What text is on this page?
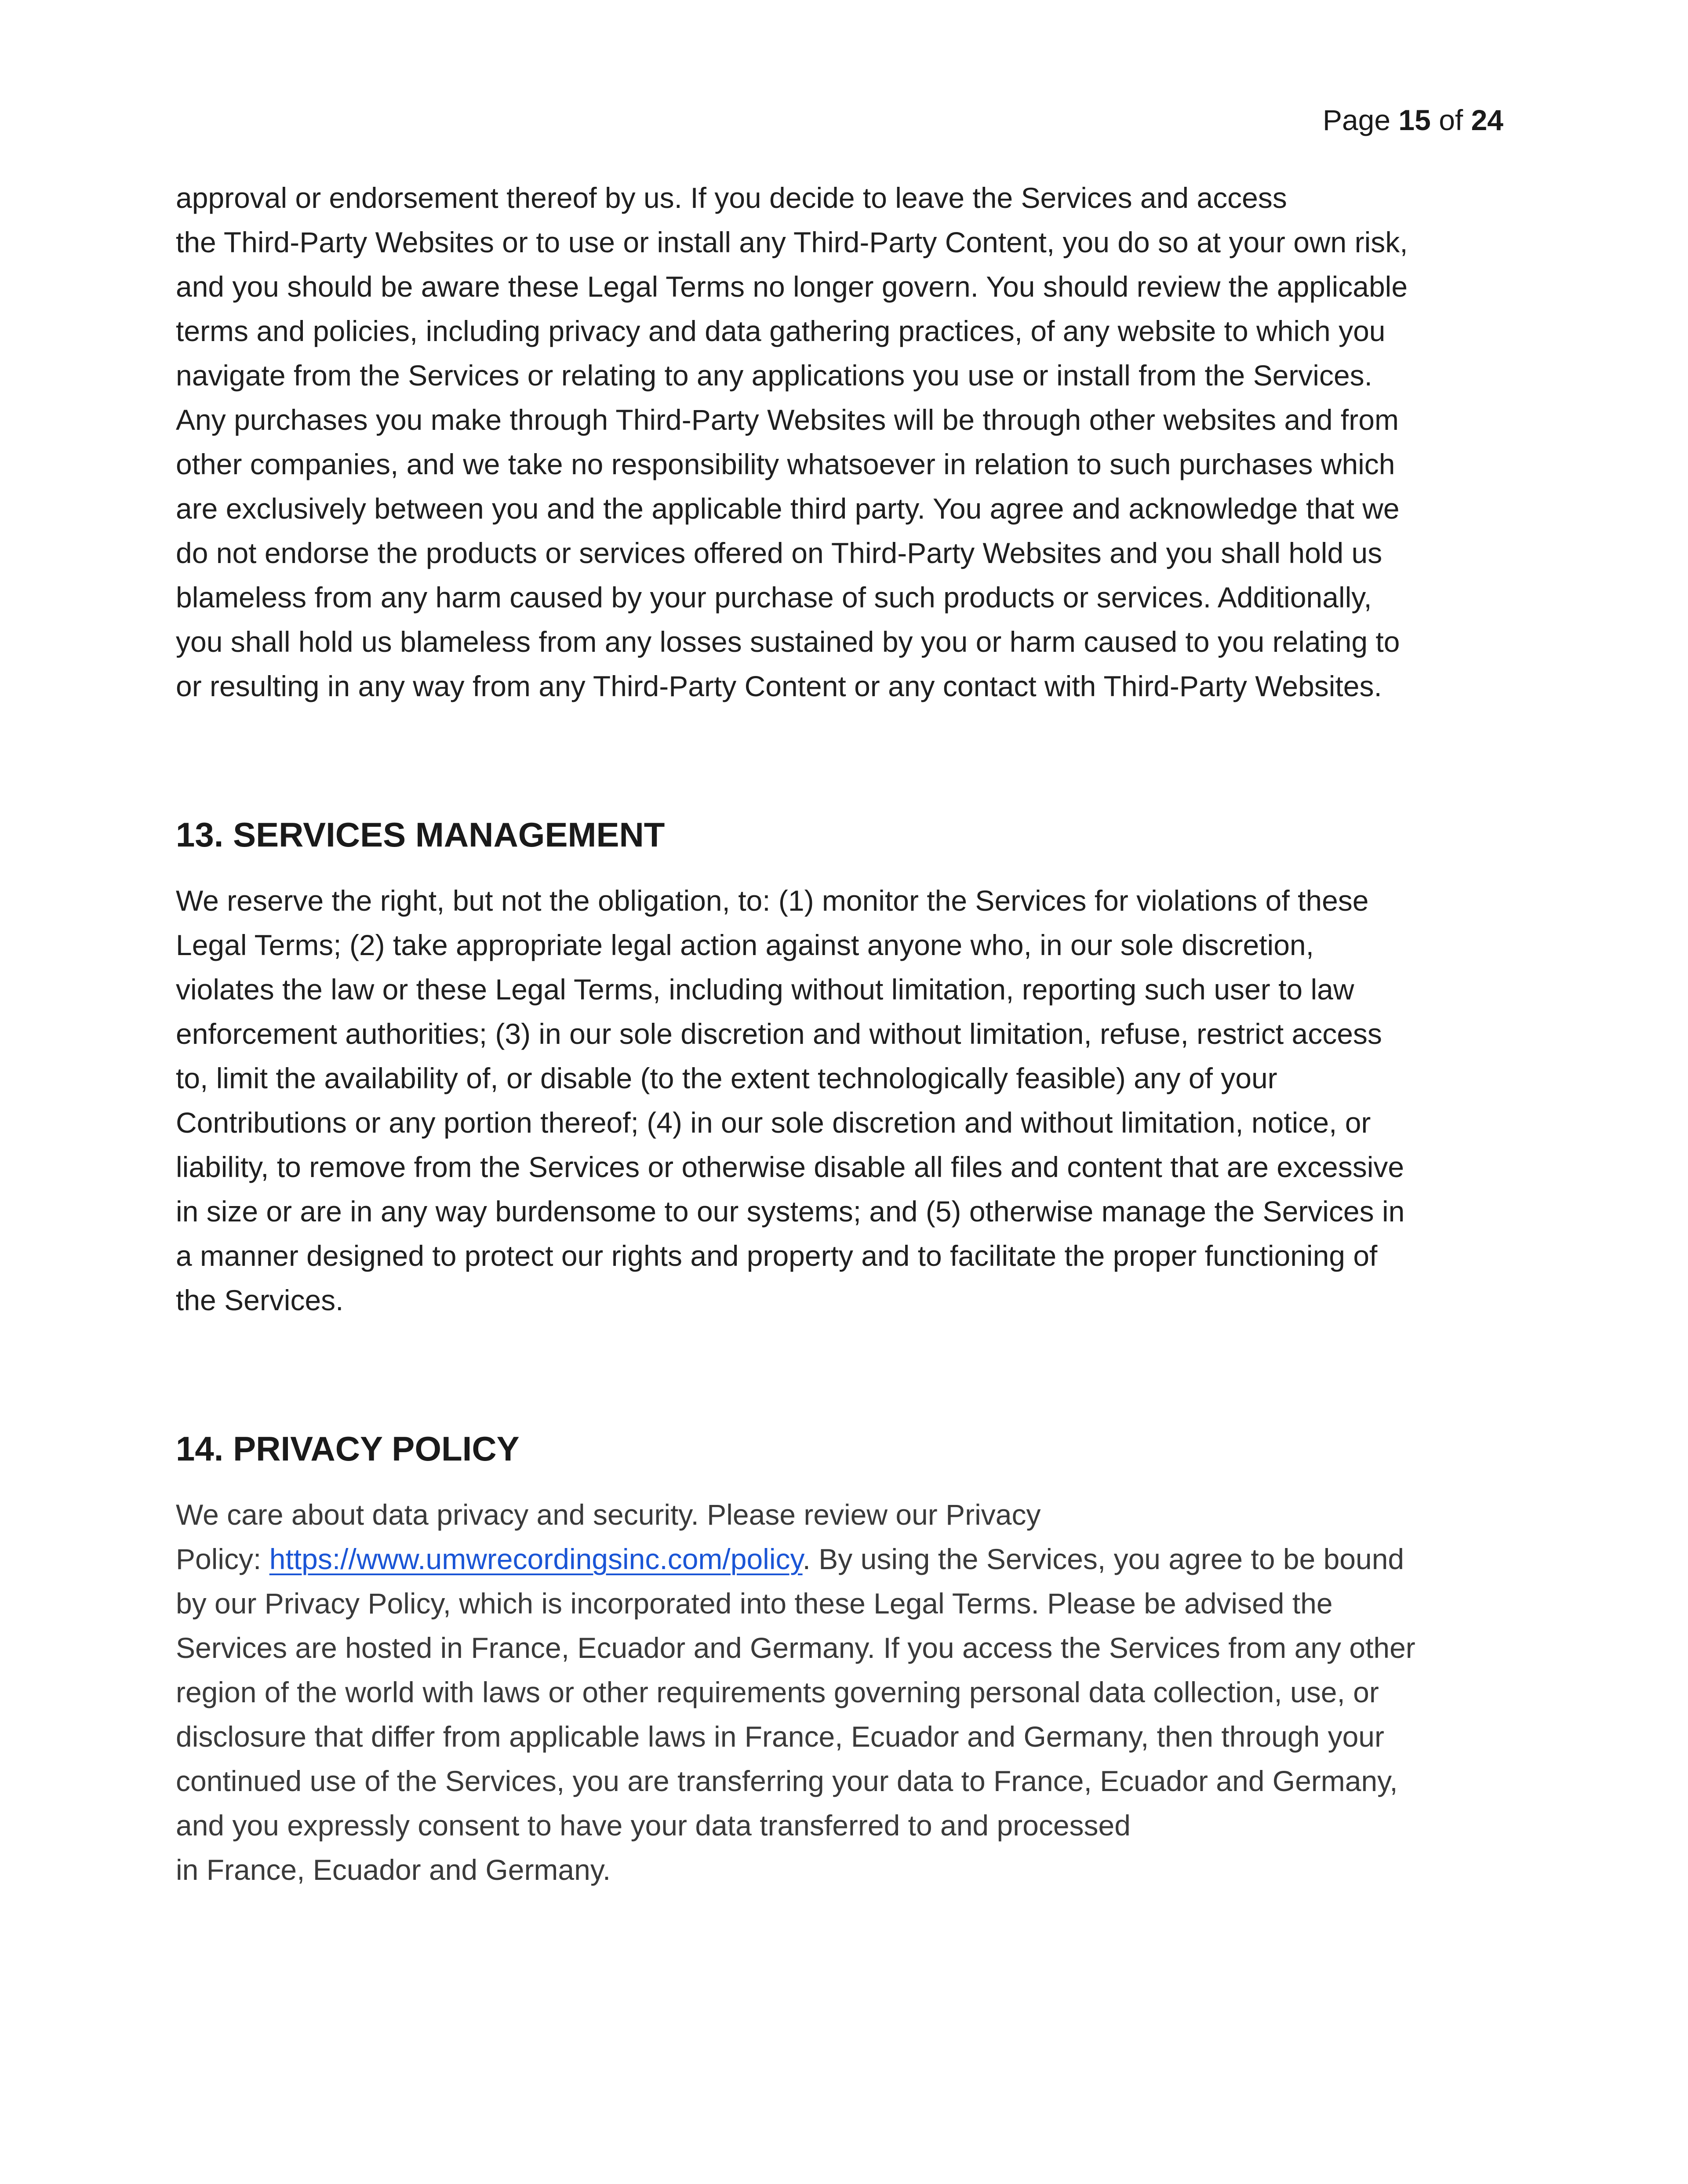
Page 15 of 24

approval or endorsement thereof by us. If you decide to leave the Services and access
the Third-Party Websites or to use or install any Third-Party Content, you do so at your own risk,
and you should be aware these Legal Terms no longer govern. You should review the applicable
terms and policies, including privacy and data gathering practices, of any website to which you
navigate from the Services or relating to any applications you use or install from the Services.
Any purchases you make through Third-Party Websites will be through other websites and from
other companies, and we take no responsibility whatsoever in relation to such purchases which
are exclusively between you and the applicable third party. You agree and acknowledge that we
do not endorse the products or services offered on Third-Party Websites and you shall hold us
blameless from any harm caused by your purchase of such products or services. Additionally,
you shall hold us blameless from any losses sustained by you or harm caused to you relating to
or resulting in any way from any Third-Party Content or any contact with Third-Party Websites.

13. SERVICES MANAGEMENT

We reserve the right, but not the obligation, to: (1) monitor the Services for violations of these
Legal Terms; (2) take appropriate legal action against anyone who, in our sole discretion,
violates the law or these Legal Terms, including without limitation, reporting such user to law
enforcement authorities; (3) in our sole discretion and without limitation, refuse, restrict access
to, limit the availability of, or disable (to the extent technologically feasible) any of your
Contributions or any portion thereof; (4) in our sole discretion and without limitation, notice, or
liability, to remove from the Services or otherwise disable all files and content that are excessive
in size or are in any way burdensome to our systems; and (5) otherwise manage the Services in
a manner designed to protect our rights and property and to facilitate the proper functioning of
the Services.

14. PRIVACY POLICY

We care about data privacy and security. Please review our Privacy
Policy: https://www.umwrecordingsinc.com/policy. By using the Services, you agree to be bound
by our Privacy Policy, which is incorporated into these Legal Terms. Please be advised the
Services are hosted in France, Ecuador and Germany. If you access the Services from any other
region of the world with laws or other requirements governing personal data collection, use, or
disclosure that differ from applicable laws in France, Ecuador and Germany, then through your
continued use of the Services, you are transferring your data to France, Ecuador and Germany,
and you expressly consent to have your data transferred to and processed
in France, Ecuador and Germany.
